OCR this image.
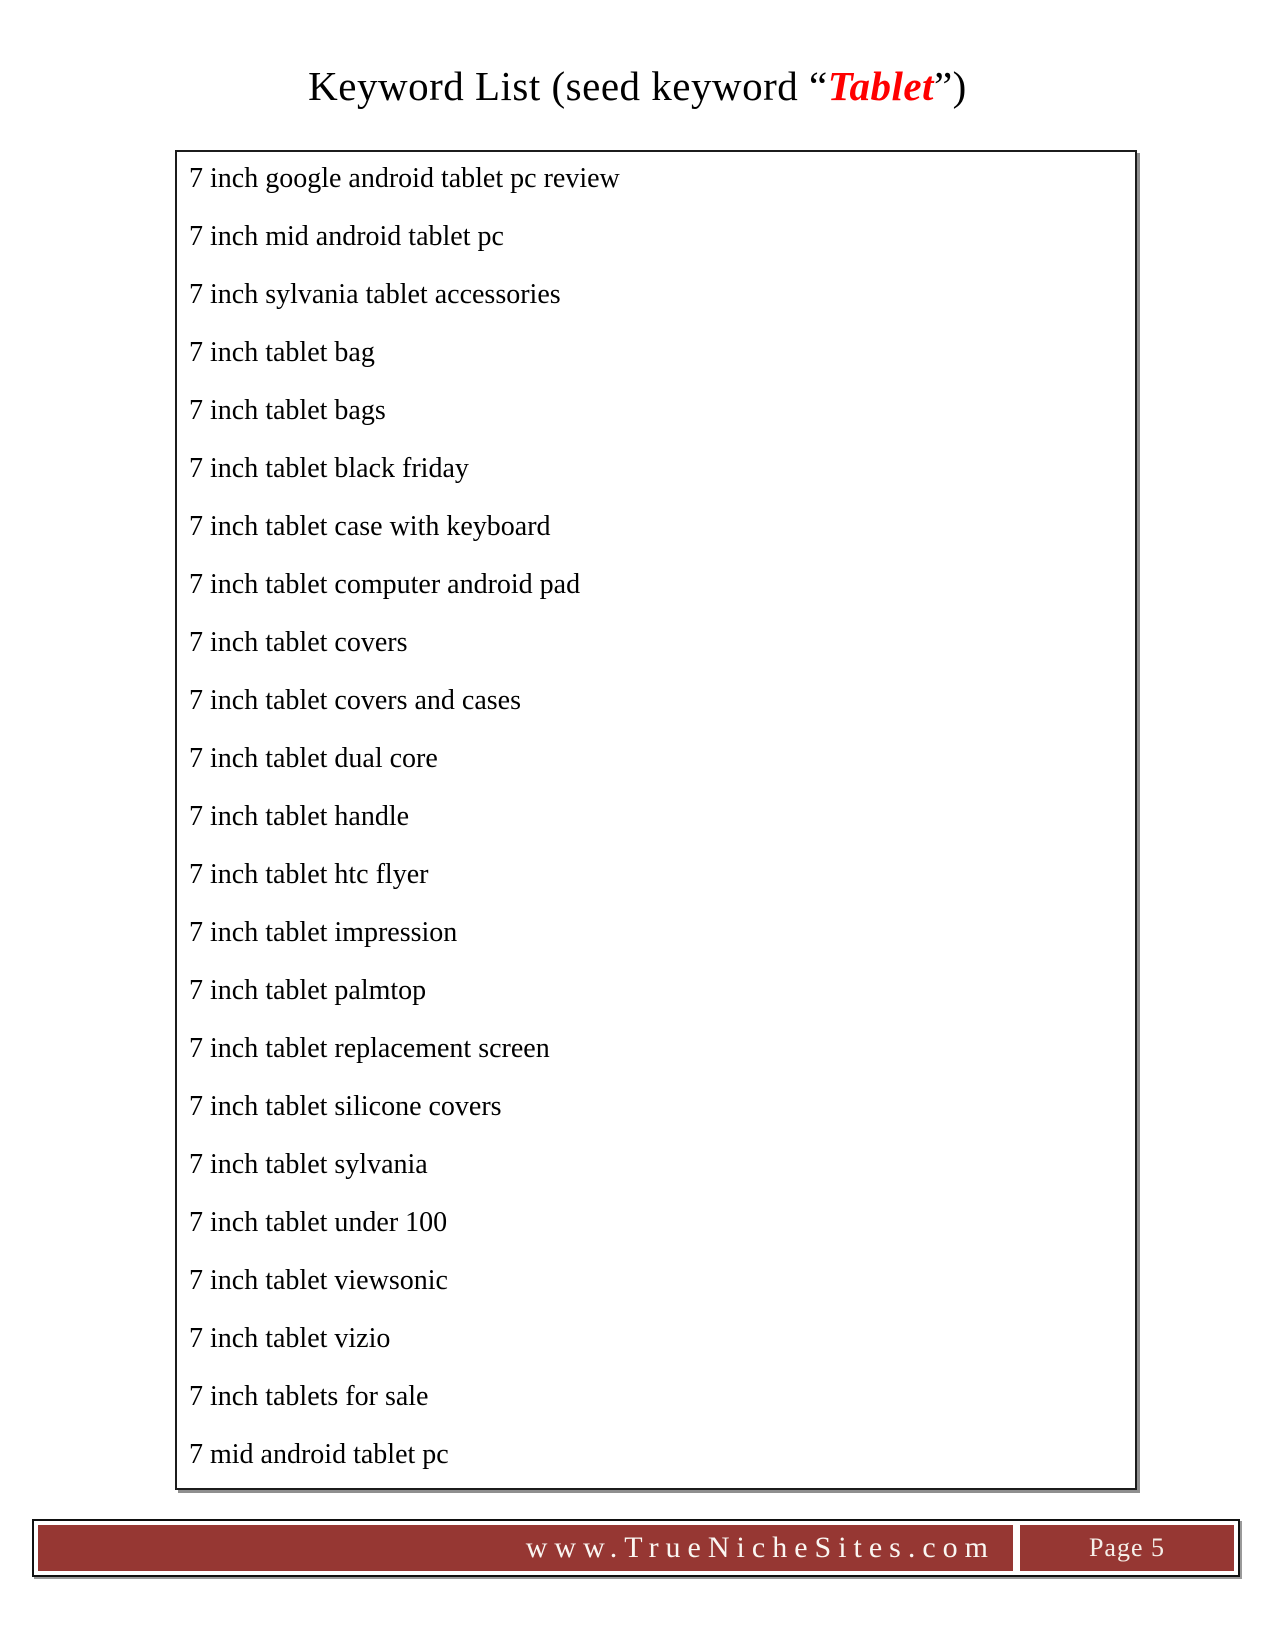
Keyword List (seed keyword “Tablet”)
7 inch google android tablet pc review
7 inch mid android tablet pc
7 inch sylvania tablet accessories
7 inch tablet bag
7 inch tablet bags
7 inch tablet black friday
7 inch tablet case with keyboard
7 inch tablet computer android pad
7 inch tablet covers
7 inch tablet covers and cases
7 inch tablet dual core
7 inch tablet handle
7 inch tablet htc flyer
7 inch tablet impression
7 inch tablet palmtop
7 inch tablet replacement screen
7 inch tablet silicone covers
7 inch tablet sylvania
7 inch tablet under 100
7 inch tablet viewsonic
7 inch tablet vizio
7 inch tablets for sale
7 mid android tablet pc
www.TrueNicheSites.com	Page 5
